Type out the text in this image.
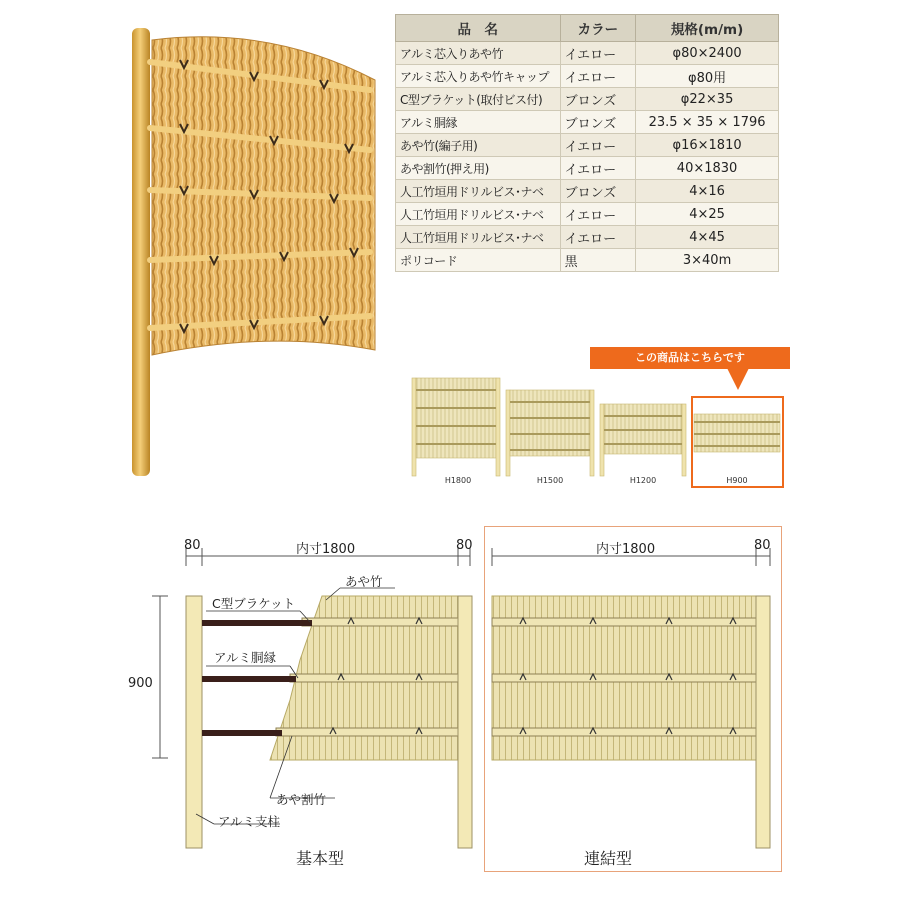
品　名	カラー	規格(m/m)
アルミ芯入りあや竹	イエロー	φ80×2400
アルミ芯入りあや竹キャップ	イエロー	φ80用
C型ブラケット(取付ビス付)	ブロンズ	φ22×35
アルミ胴縁	ブロンズ	23.5 × 35 × 1796
あや竹(編子用)	イエロー	φ16×1810
あや割竹(押え用)	イエロー	40×1830
人工竹垣用ドリルビス･ナベ	ブロンズ	4×16
人工竹垣用ドリルビス･ナベ	イエロー	4×25
人工竹垣用ドリルビス･ナベ	イエロー	4×45
ポリコード	黒	3×40m
この商品はこちらです
H1800	H1500	H1200	H900
80	内寸1800	80	内寸1800	80
900
あや竹
C型ブラケット
アルミ胴縁
あや割竹
アルミ支柱
基本型	連結型
